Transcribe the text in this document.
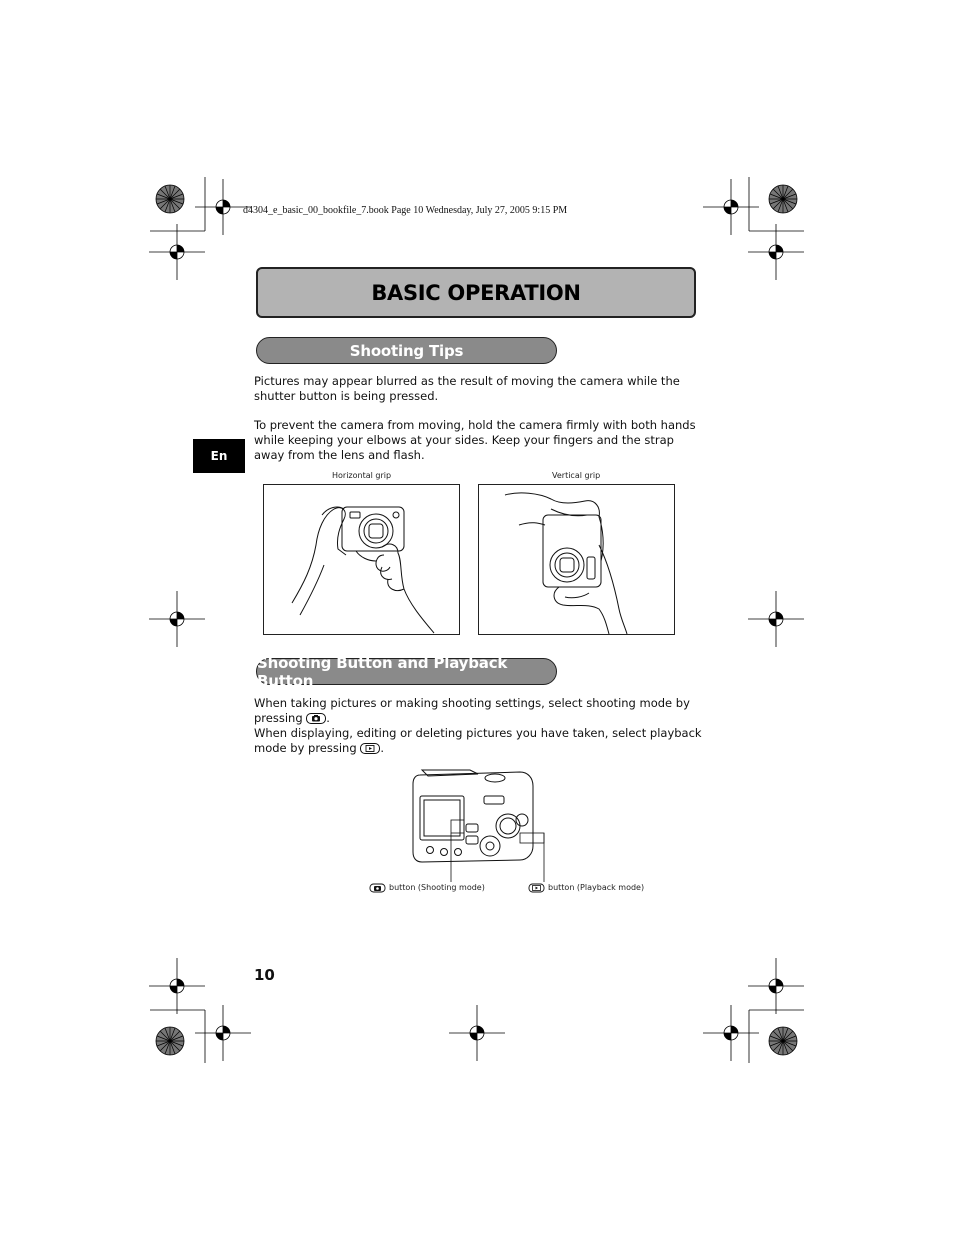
d4304_e_basic_00_bookfile_7.book Page 10 Wednesday, July 27, 2005 9:15 PM
BASIC OPERATION
Shooting Tips
Pictures may appear blurred as the result of moving the camera while the shutter button is being pressed.
To prevent the camera from moving, hold the camera firmly with both hands while keeping your elbows at your sides. Keep your fingers and the strap away from the lens and flash.
En
Horizontal grip	Vertical grip
Shooting Button and Playback Button
When taking pictures or making shooting settings, select shooting mode by pressing .
When displaying, editing or deleting pictures you have taken, select playback mode by pressing .
button (Shooting mode)	button (Playback mode)
10
